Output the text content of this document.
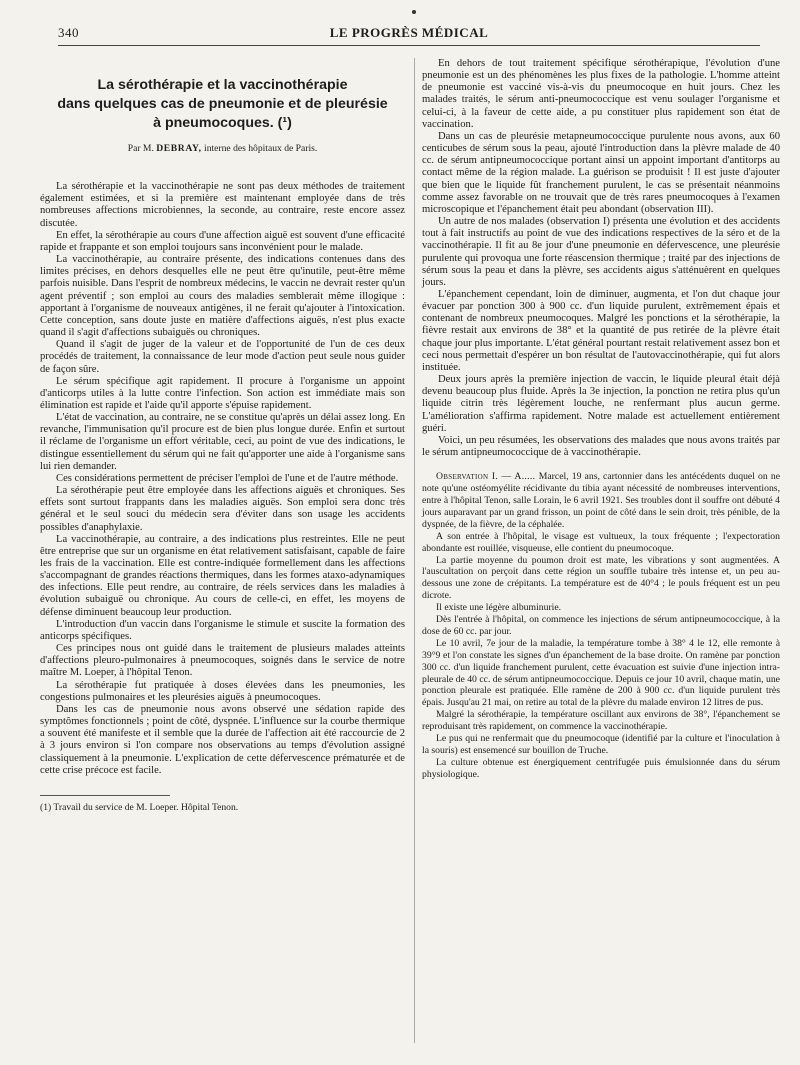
340	LE PROGRÈS MÉDICAL
La sérothérapie et la vaccinothérapie
dans quelques cas de pneumonie et de pleurésie
à pneumocoques. (¹)
Par M. DEBRAY, interne des hôpitaux de Paris.

La sérothérapie et la vaccinothérapie ne sont pas deux méthodes de traitement également estimées, et si la première est maintenant employée dans de très nombreuses affections microbiennes, la seconde, au contraire, reste encore assez discutée.

En effet, la sérothérapie au cours d'une affection aiguë est souvent d'une efficacité rapide et frappante et son emploi toujours sans inconvénient pour le malade.

La vaccinothérapie, au contraire présente, des indications contenues dans des limites précises, en dehors desquelles elle ne peut être qu'inutile, peut-être même parfois nuisible. Dans l'esprit de nombreux médecins, le vaccin ne devrait rester qu'un agent préventif ; son emploi au cours des maladies semblerait même illogique : apportant à l'organisme de nouveaux antigènes, il ne ferait qu'ajouter à l'intoxication. Cette conception, sans doute juste en matière d'affections aiguës, n'est plus exacte quand il s'agit d'affections subaiguës ou chroniques.

Quand il s'agit de juger de la valeur et de l'opportunité de l'un de ces deux procédés de traitement, la connaissance de leur mode d'action peut seule nous guider de façon sûre.

Le sérum spécifique agit rapidement. Il procure à l'organisme un appoint d'anticorps utiles à la lutte contre l'infection. Son action est immédiate mais son élimination est rapide et l'aide qu'il apporte s'épuise rapidement.

L'état de vaccination, au contraire, ne se constitue qu'après un délai assez long. En revanche, l'immunisation qu'il procure est de bien plus longue durée. Enfin et surtout il réclame de l'organisme un effort véritable, ceci, au point de vue des indications, le distingue essentiellement du sérum qui ne fait qu'apporter une aide à l'organisme sans lui rien demander.

Ces considérations permettent de préciser l'emploi de l'une et de l'autre méthode.

La sérothérapie peut être employée dans les affections aiguës et chroniques. Ses effets sont surtout frappants dans les maladies aiguës. Son emploi sera donc très général et le seul souci du médecin sera d'éviter dans son usage les accidents possibles d'anaphylaxie.

La vaccinothérapie, au contraire, a des indications plus restreintes. Elle ne peut être entreprise que sur un organisme en état relativement satisfaisant, capable de faire les frais de la vaccination. Elle est contre-indiquée formellement dans les affections s'accompagnant de grandes réactions thermiques, dans les formes ataxo-adynamiques des infections. Elle peut rendre, au contraire, de réels services dans les maladies à évolution subaiguë ou chronique. Au cours de celle-ci, en effet, les moyens de défense diminuent beaucoup leur production.

L'introduction d'un vaccin dans l'organisme le stimule et suscite la formation des anticorps spécifiques.

Ces principes nous ont guidé dans le traitement de plusieurs malades atteints d'affections pleuro-pulmonaires à pneumocoques, soignés dans le service de notre maître M. Loeper, à l'hôpital Tenon.

La sérothérapie fut pratiquée à doses élevées dans les pneumonies, les congestions pulmonaires et les pleurésies aiguës à pneumocoques.

Dans les cas de pneumonie nous avons observé une sédation rapide des symptômes fonctionnels ; point de côté, dyspnée. L'influence sur la courbe thermique a souvent été manifeste et il semble que la durée de l'affection ait été raccourcie de 2 à 3 jours environ si l'on compare nos observations au temps d'évolution assigné classiquement à la pneumonie. L'explication de cette défervescence prématurée et de cette crise précoce est facile.

(1) Travail du service de M. Loeper. Hôpital Tenon.

En dehors de tout traitement spécifique sérothérapique, l'évolution d'une pneumonie est un des phénomènes les plus fixes de la pathologie. L'homme atteint de pneumonie est vacciné vis-à-vis du pneumocoque en huit jours. Chez les malades traités, le sérum anti-pneumococcique est venu soulager l'organisme et celui-ci, à la faveur de cette aide, a pu constituer plus rapidement son état de vaccination.

Dans un cas de pleurésie metapneumococcique purulente nous avons, aux 60 centicubes de sérum sous la peau, ajouté l'introduction dans la plèvre malade de 40 cc. de sérum antipneumococcique portant ainsi un appoint important d'antitorps au contact même de la région malade. La guérison se produisit ! Il est juste d'ajouter que bien que le liquide fût franchement purulent, le cas se présentait néanmoins comme assez favorable on ne trouvait que de très rares pneumocoques à l'examen microscopique et l'épanchement était peu abondant (observation III).

Un autre de nos malades (observation I) présenta une évolution et des accidents tout à fait instructifs au point de vue des indications respectives de la séro et de la vaccinothérapie. Il fit au 8e jour d'une pneumonie en défervescence, une pleurésie purulente qui provoqua une forte réascension thermique ; traité par des injections de sérum sous la peau et dans la plèvre, ses accidents aigus s'atténuèrent en quelques jours.

L'épanchement cependant, loin de diminuer, augmenta, et l'on dut chaque jour évacuer par ponction 300 à 900 cc. d'un liquide purulent, extrêmement épais et contenant de nombreux pneumocoques. Malgré les ponctions et la sérothérapie, la fièvre restait aux environs de 38° et la quantité de pus retirée de la plèvre était chaque jour plus importante. L'état général pourtant restait relativement assez bon et ceci nous permettait d'espérer un bon résultat de l'autovaccinothérapie, qui fut alors instituée.

Deux jours après la première injection de vaccin, le liquide pleural était déjà devenu beaucoup plus fluide. Après la 3e injection, la ponction ne retira plus qu'un liquide citrin très légèrement louche, ne renfermant plus aucun germe. L'amélioration s'affirma rapidement. Notre malade est actuellement entièrement guéri.

Voici, un peu résumées, les observations des malades que nous avons traités par le sérum antipneumococcique de à vaccinothérapie.

Observation I. — A..... Marcel, 19 ans, cartonnier dans les antécédents duquel on ne note qu'une ostéomyélite récidivante du tibia ayant nécessité de nombreuses interventions, entre à l'hôpital Tenon, salle Lorain, le 6 avril 1921. Ses troubles dont il souffre ont débuté 4 jours auparavant par un grand frisson, un point de côté dans le sein droit, très pénible, de la dyspnée, de la fièvre, de la céphalée.

A son entrée à l'hôpital, le visage est vultueux, la toux fréquente ; l'expectoration abondante est rouillée, visqueuse, elle contient du pneumocoque.

La partie moyenne du poumon droit est mate, les vibrations y sont augmentées. A l'auscultation on perçoit dans cette région un souffle tubaire très intense et, un peu au-dessous une zone de crépitants. La température est de 40°4 ; le pouls fréquent est un peu dicrote.

Il existe une légère albuminurie.

Dès l'entrée à l'hôpital, on commence les injections de sérum antipneumococcique, à la dose de 60 cc. par jour.

Le 10 avril, 7e jour de la maladie, la température tombe à 38° 4 le 12, elle remonte à 39°9 et l'on constate les signes d'un épanchement de la base droite. On ramène par ponction 300 cc. d'un liquide franchement purulent, cette évacuation est suivie d'une injection intra-pleurale de 40 cc. de sérum antipneumococcique. Depuis ce jour 10 avril, chaque matin, une ponction pleurale est pratiquée. Elle ramène de 200 à 900 cc. d'un liquide purulent très épais. Jusqu'au 21 mai, on retire au total de la plèvre du malade environ 12 litres de pus.

Malgré la sérothérapie, la température oscillant aux environs de 38°, l'épanchement se reproduisant très rapidement, on commence la vaccinothérapie.

Le pus qui ne renfermait que du pneumocoque (identifié par la culture et l'inoculation à la souris) est ensemencé sur bouillon de Truche.

La culture obtenue est énergiquement centrifugée puis émulsionnée dans du sérum physiologique.
